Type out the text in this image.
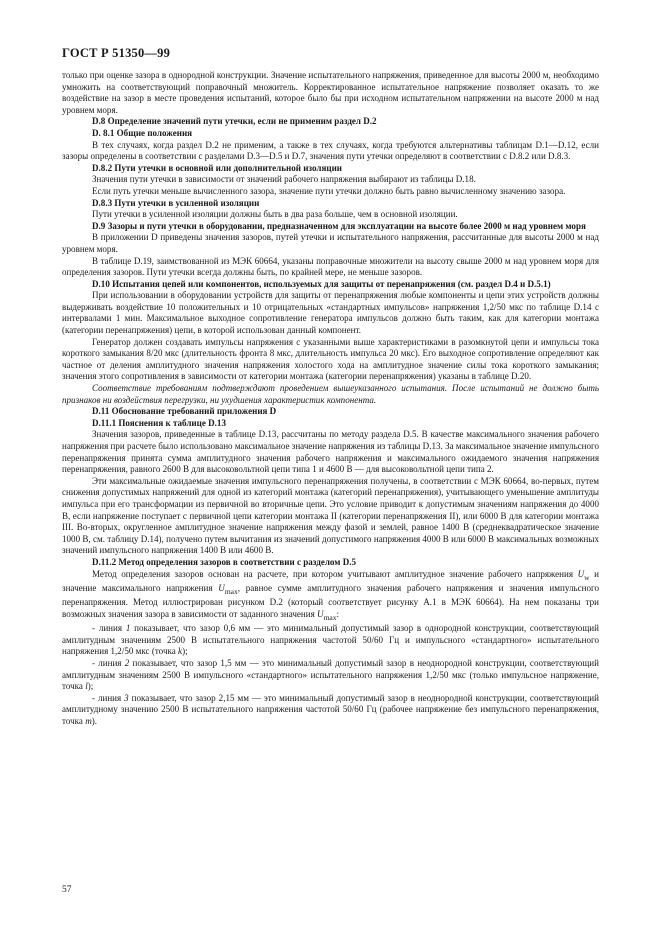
ГОСТ Р 51350—99

только при оценке зазора в однородной конструкции. Значение испытательного напряжения, приведенное для высоты 2000 м, необходимо умножить на соответствующий поправочный множитель. Корректированное испытательное напряжение позволяет оказать то же воздействие на зазор в месте проведения испытаний, которое было бы при исходном испытательном напряжении на высоте 2000 м над уровнем моря.

D.8 Определение значений пути утечки, если не применим раздел D.2
D. 8.1 Общие положения

В тех случаях, когда раздел D.2 не применим, а также в тех случаях, когда требуются альтернативы таблицам D.1—D.12, если зазоры определены в соответствии с разделами D.3—D.5 и D.7, значения пути утечки определяют в соответствии с D.8.2 или D.8.3.

D.8.2 Пути утечки в основной или дополнительной изоляции

Значения пути утечки в зависимости от значений рабочего напряжения выбирают из таблицы D.18.

Если путь утечки меньше вычисленного зазора, значение пути утечки должно быть равно вычисленному значению зазора.

D.8.3 Пути утечки в усиленной изоляции

Пути утечки в усиленной изоляции должны быть в два раза больше, чем в основной изоляции.

D.9 Зазоры и пути утечки в оборудовании, предназначенном для эксплуатации на высоте более 2000 м над уровнем моря

В приложении D приведены значения зазоров, путей утечки и испытательного напряжения, рассчитанные для высоты 2000 м над уровнем моря.

В таблице D.19, заимствованной из МЭК 60664, указаны поправочные множители на высоту свыше 2000 м над уровнем моря для определения зазоров. Пути утечки всегда должны быть, по крайней мере, не меньше зазоров.

D.10 Испытания цепей или компонентов, используемых для защиты от перенапряжения (см. раздел D.4 и D.5.1)

При использовании в оборудовании устройств для защиты от перенапряжения любые компоненты и цепи этих устройств должны выдерживать воздействие 10 положительных и 10 отрицательных «стандартных импульсов» напряжения 1,2/50 мкс по таблице D.14 с интервалами 1 мин. Максимальное выходное сопротивление генератора импульсов должно быть таким, как для категории монтажа (категории перенапряжения) цепи, в которой использован данный компонент.

Генератор должен создавать импульсы напряжения с указанными выше характеристиками в разомкнутой цепи и импульсы тока короткого замыкания 8/20 мкс (длительность фронта 8 мкс, длительность импульса 20 мкс). Его выходное сопротивление определяют как частное от деления амплитудного значения напряжения холостого хода на амплитудное значение силы тока короткого замыкания; значения этого сопротивления в зависимости от категории монтажа (категории перенапряжения) указаны в таблице D.20.

Соответствие требованиям подтверждают проведением вышеуказанного испытания. После испытаний не должно быть признаков ни воздействия перегрузки, ни ухудшения характеристик компонента.

D.11 Обоснование требований приложения D
D.11.1 Пояснения к таблице D.13

Значения зазоров, приведенные в таблице D.13, рассчитаны по методу раздела D.5. В качестве максимального значения рабочего напряжения при расчете было использовано максимальное значение напряжения из таблицы D.13. За максимальное значение импульсного перенапряжения принята сумма амплитудного значения рабочего напряжения и максимального ожидаемого значения напряжения перенапряжения, равного 2600 В для высоковольтной цепи типа 1 и 4600 В — для высоковольтной цепи типа 2.

Эти максимальные ожидаемые значения импульсного перенапряжения получены, в соответствии с МЭК 60664, во-первых, путем снижения допустимых напряжений для одной из категорий монтажа (категорий перенапряжения), учитывающего уменьшение амплитуды импульса при его трансформации из первичной во вторичные цепи. Это условие приводит к допустимым значениям напряжения до 4000 В, если напряжение поступает с первичной цепи категории монтажа II (категории перенапряжения II), или 6000 В для категории монтажа III. Во-вторых, округленное амплитудное значение напряжения между фазой и землей, равное 1400 В (среднеквадратическое значение 1000 В, см. таблицу D.14), получено путем вычитания из значений допустимого напряжения 4000 В или 6000 В максимальных возможных значений импульсного напряжения 1400 В или 4600 В.

D.11.2 Метод определения зазоров в соответствии с разделом D.5

Метод определения зазоров основан на расчете, при котором учитывают амплитудное значение рабочего напряжения $U_w$ и значение максимального напряжения $U_{max}$, равное сумме амплитудного значения рабочего напряжения и значения импульсного перенапряжения. Метод иллюстрирован рисунком D.2 (который соответствует рисунку А.1 в МЭК 60664). На нем показаны три возможных значения зазора в зависимости от заданного значения $U_{max}$:

- линия 1 показывает, что зазор 0,6 мм — это минимальный допустимый зазор в однородной конструкции, соответствующий амплитудным значениям 2500 В испытательного напряжения частотой 50/60 Гц и импульсного «стандартного» испытательного напряжения 1,2/50 мкс (точка k);

- линия 2 показывает, что зазор 1,5 мм — это минимальный допустимый зазор в неоднородной конструкции, соответствующий амплитудным значениям 2500 В импульсного «стандартного» испытательного напряжения 1,2/50 мкс (только импульсное напряжение, точка l);

- линия 3 показывает, что зазор 2,15 мм — это минимальный допустимый зазор в неоднородной конструкции, соответствующий амплитудному значению 2500 В испытательного напряжения частотой 50/60 Гц (рабочее напряжение без импульсного перенапряжения, точка m).

57
